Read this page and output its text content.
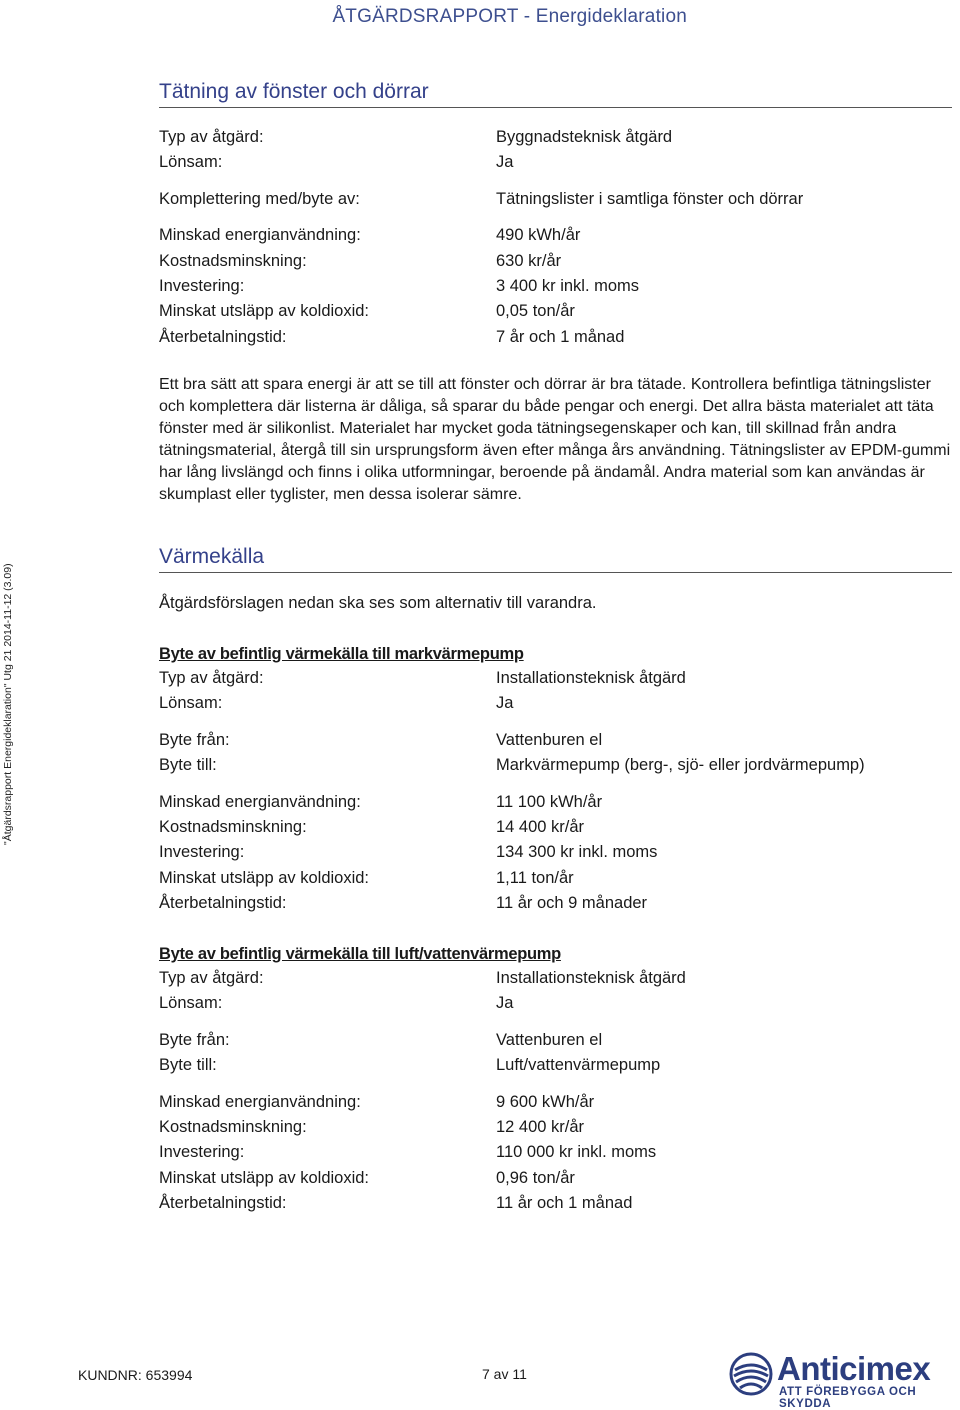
ÅTGÄRDSRAPPORT - Energideklaration
"Åtgärdsrapport Energideklaration" Utg 21 2014-11-12 (3.09)
Tätning av fönster och dörrar
Typ av åtgärd:	Byggnadsteknisk åtgärd
Lönsam:	Ja
Komplettering med/byte av:	Tätningslister i samtliga fönster och dörrar
Minskad energianvändning:	490 kWh/år
Kostnadsminskning:	630 kr/år
Investering:	3 400 kr inkl. moms
Minskat utsläpp av koldioxid:	0,05 ton/år
Återbetalningstid:	7 år och 1 månad
Ett bra sätt att spara energi är att se till att fönster och dörrar är bra tätade. Kontrollera befintliga tätningslister och komplettera där listerna är dåliga, så sparar du både pengar och energi. Det allra bästa materialet att täta fönster med är silikonlist. Materialet har mycket goda tätningsegenskaper och kan, till skillnad från andra tätningsmaterial, återgå till sin ursprungsform även efter många års användning. Tätningslister av EPDM-gummi har lång livslängd och finns i olika utformningar, beroende på ändamål. Andra material som kan användas är skumplast eller tyglister, men dessa isolerar sämre.
Värmekälla
Åtgärdsförslagen nedan ska ses som alternativ till varandra.
Byte av befintlig värmekälla till markvärmepump
Typ av åtgärd:	Installationsteknisk åtgärd
Lönsam:	Ja
Byte från:	Vattenburen el
Byte till:	Markvärmepump (berg-, sjö- eller jordvärmepump)
Minskad energianvändning:	11 100 kWh/år
Kostnadsminskning:	14 400 kr/år
Investering:	134 300 kr inkl. moms
Minskat utsläpp av koldioxid:	1,11 ton/år
Återbetalningstid:	11 år och 9 månader
Byte av befintlig värmekälla till luft/vattenvärmepump
Typ av åtgärd:	Installationsteknisk åtgärd
Lönsam:	Ja
Byte från:	Vattenburen el
Byte till:	Luft/vattenvärmepump
Minskad energianvändning:	9 600 kWh/år
Kostnadsminskning:	12 400 kr/år
Investering:	110 000 kr inkl. moms
Minskat utsläpp av koldioxid:	0,96 ton/år
Återbetalningstid:	11 år och 1 månad
KUNDNR: 653994	7 av 11	Anticimex
ATT FÖREBYGGA OCH SKYDDA
